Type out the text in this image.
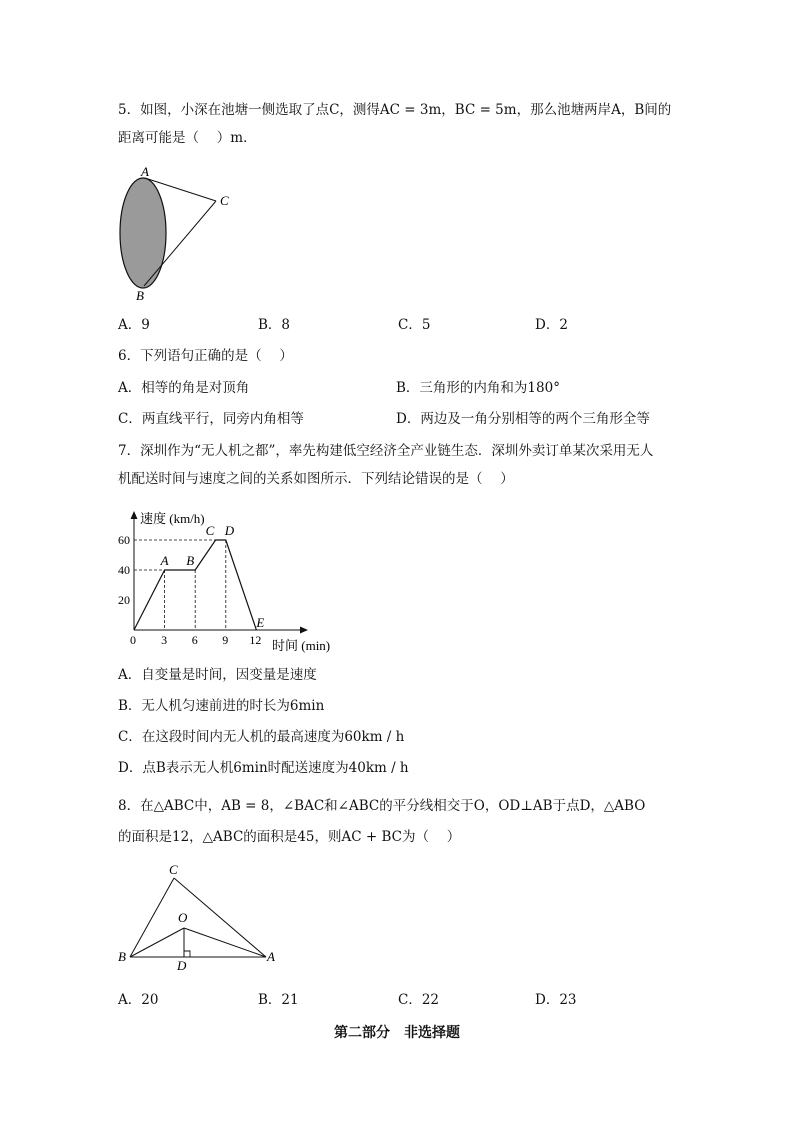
5．如图，小深在池塘一侧选取了点C，测得AC = 3m，BC = 5m，那么池塘两岸A，B间的
距离可能是（　 ）m．
A
C
B
A．9	B．8	C．5	D．2
6．下列语句正确的是（　 ）
A．相等的角是对顶角	B．三角形的内角和为180°
C．两直线平行，同旁内角相等	D．两边及一角分别相等的两个三角形全等
7．深圳作为“无人机之都”，率先构建低空经济全产业链生态．深圳外卖订单某次采用无人
机配送时间与速度之间的关系如图所示．下列结论错误的是（　 ）
3 6 9 12
20
40
60
A B
C D
E
速度 (km/h)
时间 (min)
0
A．自变量是时间，因变量是速度
B．无人机匀速前进的时长为6min
C．在这段时间内无人机的最高速度为60km / h
D．点B表示无人机6min时配送速度为40km / h
8．在△ABC中，AB = 8，∠BAC和∠ABC的平分线相交于O，OD⊥AB于点D，△ABO
的面积是12，△ABC的面积是45，则AC + BC为（　 ）
C
O
B	A
D
A．20	B．21	C．22	D．23
第二部分　非选择题
